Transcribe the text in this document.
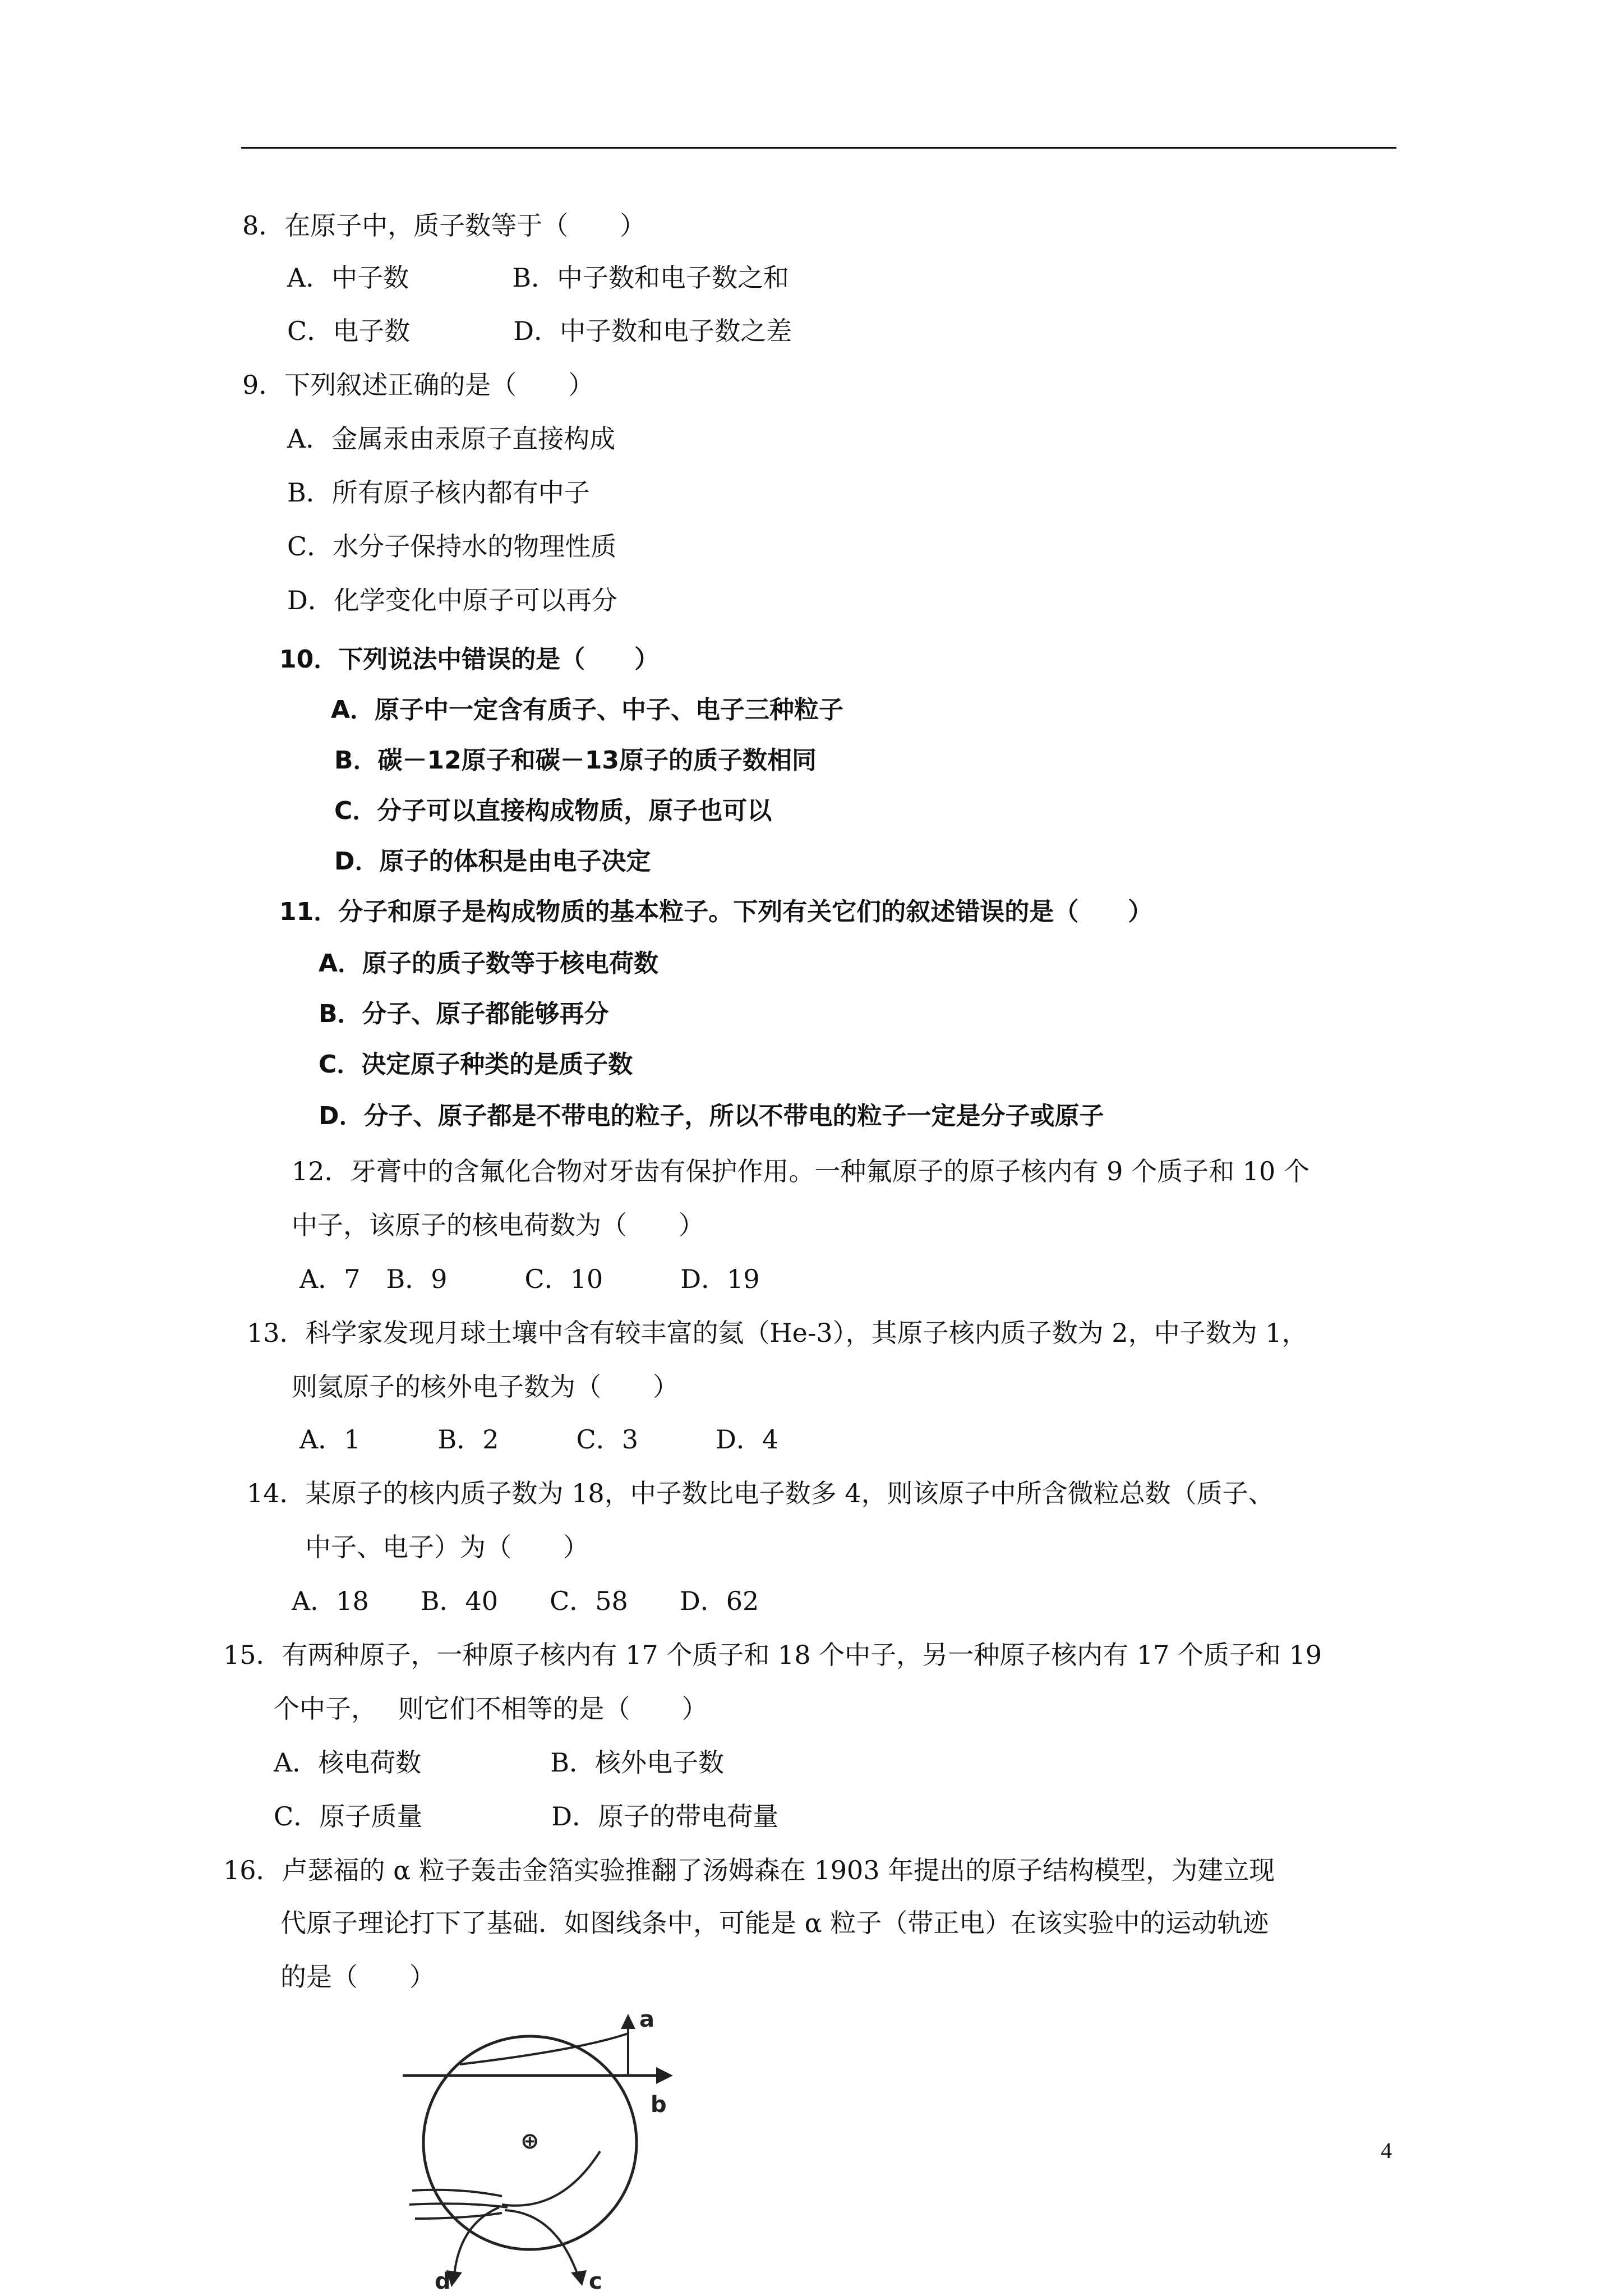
8．在原子中，质子数等于（　　）
A．中子数　　　　B．中子数和电子数之和
C．电子数　　　　D．中子数和电子数之差
9．下列叙述正确的是（　　）
A．金属汞由汞原子直接构成
B．所有原子核内都有中子
C．水分子保持水的物理性质
D．化学变化中原子可以再分
10．下列说法中错误的是（　　）
A．原子中一定含有质子、中子、电子三种粒子
B．碳－12原子和碳－13原子的质子数相同
C．分子可以直接构成物质，原子也可以
D．原子的体积是由电子决定
11．分子和原子是构成物质的基本粒子。下列有关它们的叙述错误的是（　　）
A．原子的质子数等于核电荷数
B．分子、原子都能够再分
C．决定原子种类的是质子数
D．分子、原子都是不带电的粒子，所以不带电的粒子一定是分子或原子
12．牙膏中的含氟化合物对牙齿有保护作用。一种氟原子的原子核内有 9 个质子和 10 个
中子，该原子的核电荷数为（　　）
A．7　B．9　　　C．10　　　D．19
13．科学家发现月球土壤中含有较丰富的氦（He-3），其原子核内质子数为 2，中子数为 1，
则氦原子的核外电子数为（　　）
A．1　　　B．2　　　C．3　　　D．4
14．某原子的核内质子数为 18，中子数比电子数多 4，则该原子中所含微粒总数（质子、
中子、电子）为（　　）
A．18　　B．40　　C．58　　D．62
15．有两种原子，一种原子核内有 17 个质子和 18 个中子，另一种原子核内有 17 个质子和 19
个中子，　 则它们不相等的是（　　）
A．核电荷数　　　　　B．核外电子数
C．原子质量　　　　　D．原子的带电荷量
16．卢瑟福的 α 粒子轰击金箔实验推翻了汤姆森在 1903 年提出的原子结构模型，为建立现
代原子理论打下了基础．如图线条中，可能是 α 粒子（带正电）在该实验中的运动轨迹
的是（　　）
⊕
a
b
c
d
4
